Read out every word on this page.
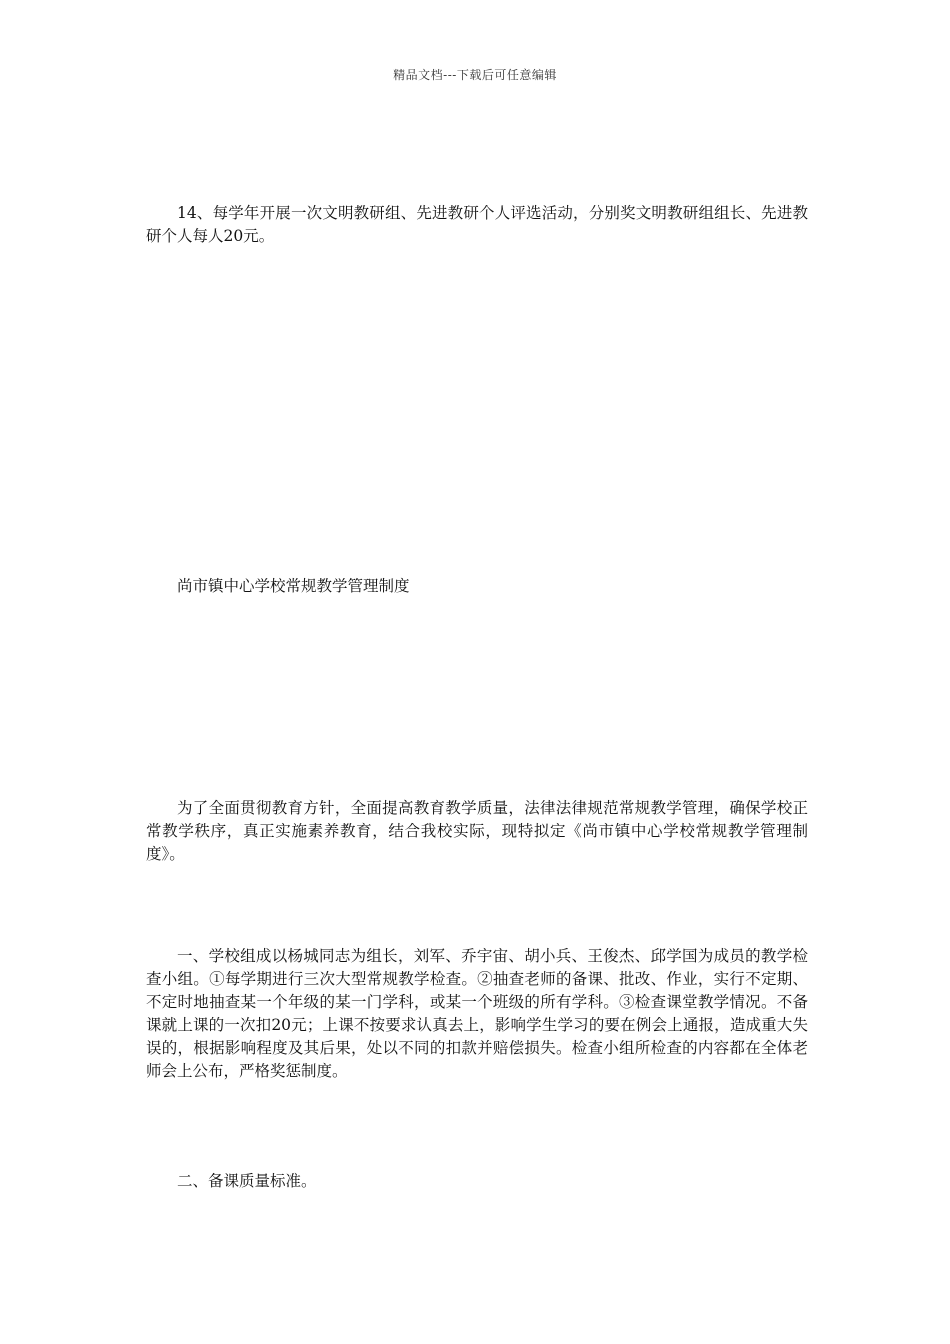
精品文档---下载后可任意编辑

14、每学年开展一次文明教研组、先进教研个人评选活动，分别奖文明教研组组长、先进教研个人每人20元。

尚市镇中心学校常规教学管理制度

为了全面贯彻教育方针，全面提高教育教学质量，法律法律规范常规教学管理，确保学校正常教学秩序，真正实施素养教育，结合我校实际，现特拟定《尚市镇中心学校常规教学管理制度》。

一、学校组成以杨城同志为组长，刘军、乔宇宙、胡小兵、王俊杰、邱学国为成员的教学检查小组。①每学期进行三次大型常规教学检查。②抽查老师的备课、批改、作业，实行不定期、不定时地抽查某一个年级的某一门学科，或某一个班级的所有学科。③检查课堂教学情况。不备课就上课的一次扣20元；上课不按要求认真去上，影响学生学习的要在例会上通报，造成重大失误的，根据影响程度及其后果，处以不同的扣款并赔偿损失。检查小组所检查的内容都在全体老师会上公布，严格奖惩制度。

二、备课质量标准。
